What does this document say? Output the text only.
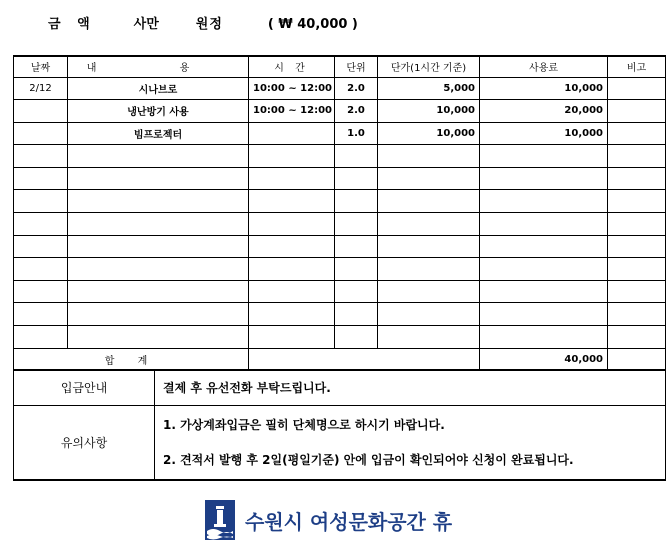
금 액	사만	원정	( ₩ 40,000 )
날짜	내 용	시 간	단위	단가(1시간 기준)	사용료	비고
2/12	시나브로	10:00 ~ 12:00	2.0	5,000	10,000	
	냉난방기 사용	10:00 ~ 12:00	2.0	10,000	20,000	
	빔프로젝터		1.0	10,000	10,000	

합 계					40,000	
입금안내	결제 후 유선전화 부탁드립니다.
유의사항	1. 가상계좌입금은 필히 단체명으로 하시기 바랍니다.
2. 견적서 발행 후 2일(평일기준) 안에 입금이 확인되어야 신청이 완료됩니다.
수원시 여성문화공간 휴
